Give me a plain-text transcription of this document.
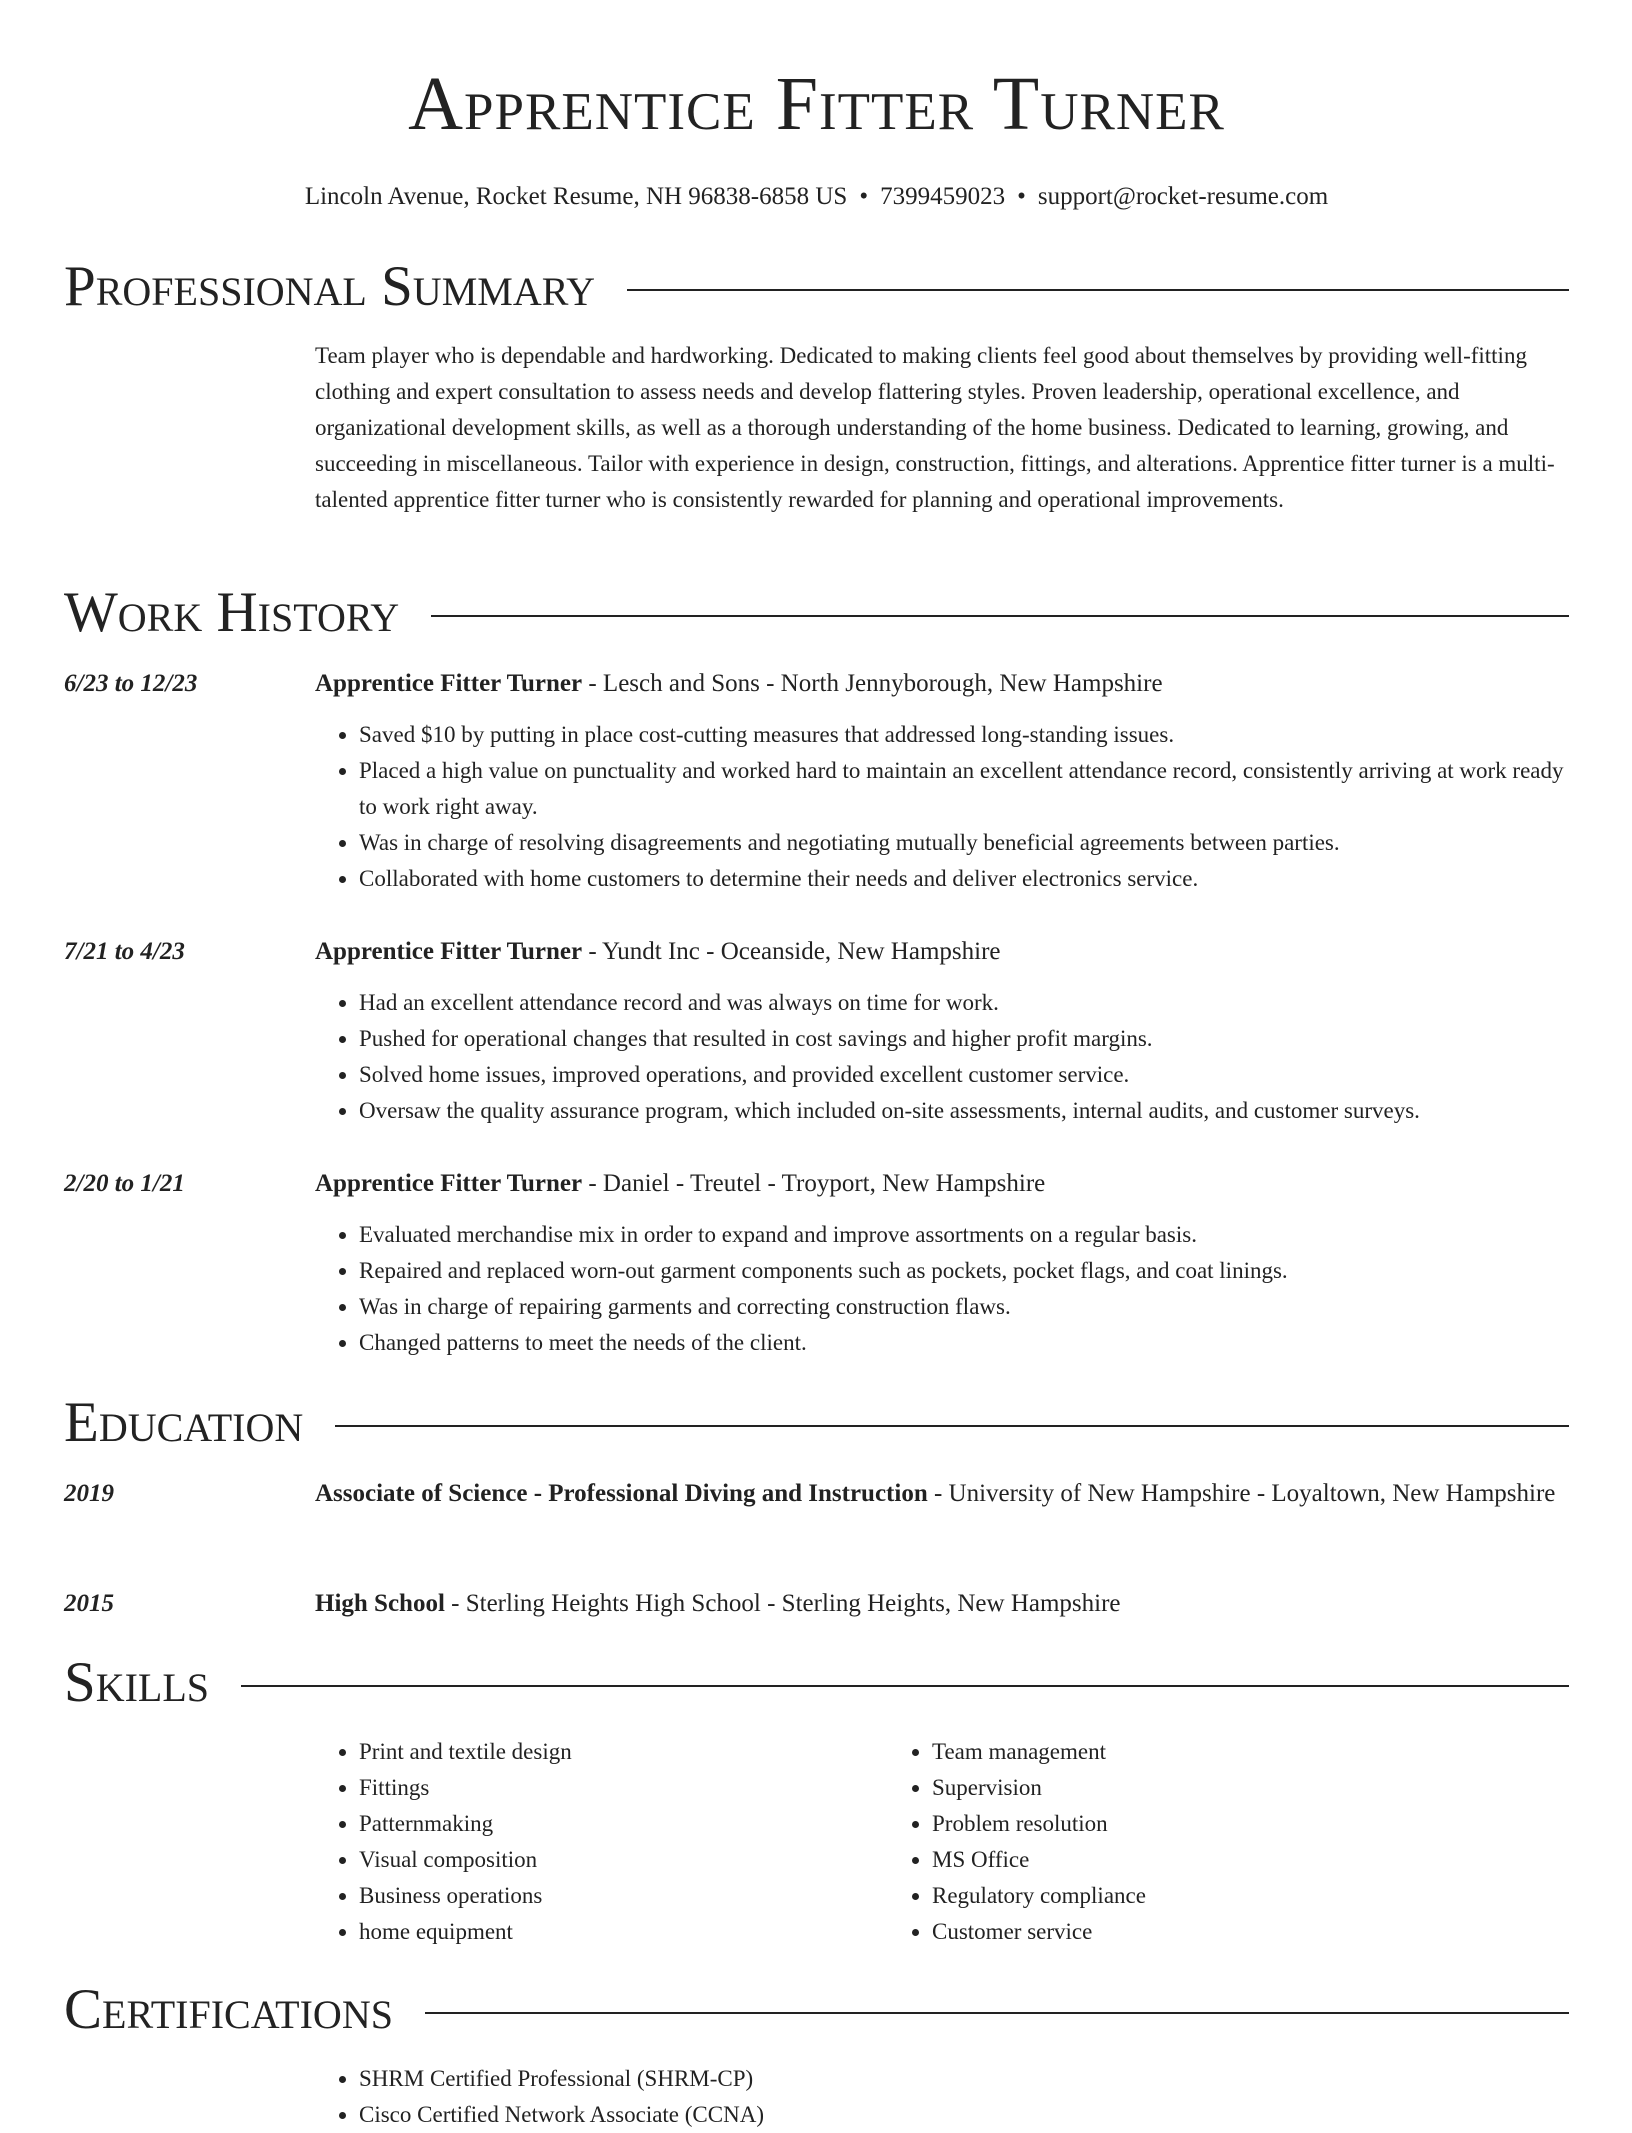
Apprentice Fitter Turner
Lincoln Avenue, Rocket Resume, NH 96838-6858 US • 7399459023 • support@rocket-resume.com
Professional Summary

Team player who is dependable and hardworking. Dedicated to making clients feel good about themselves by providing well-fitting clothing and expert consultation to assess needs and develop flattering styles. Proven leadership, operational excellence, and organizational development skills, as well as a thorough understanding of the home business. Dedicated to learning, growing, and succeeding in miscellaneous. Tailor with experience in design, construction, fittings, and alterations. Apprentice fitter turner is a multi-talented apprentice fitter turner who is consistently rewarded for planning and operational improvements.

Work History
6/23 to 12/23	Apprentice Fitter Turner - Lesch and Sons - North Jennyborough, New Hampshire
• Saved $10 by putting in place cost-cutting measures that addressed long-standing issues.
• Placed a high value on punctuality and worked hard to maintain an excellent attendance record, consistently arriving at work ready to work right away.
• Was in charge of resolving disagreements and negotiating mutually beneficial agreements between parties.
• Collaborated with home customers to determine their needs and deliver electronics service.
7/21 to 4/23	Apprentice Fitter Turner - Yundt Inc - Oceanside, New Hampshire
• Had an excellent attendance record and was always on time for work.
• Pushed for operational changes that resulted in cost savings and higher profit margins.
• Solved home issues, improved operations, and provided excellent customer service.
• Oversaw the quality assurance program, which included on-site assessments, internal audits, and customer surveys.
2/20 to 1/21	Apprentice Fitter Turner - Daniel - Treutel - Troyport, New Hampshire
• Evaluated merchandise mix in order to expand and improve assortments on a regular basis.
• Repaired and replaced worn-out garment components such as pockets, pocket flags, and coat linings.
• Was in charge of repairing garments and correcting construction flaws.
• Changed patterns to meet the needs of the client.
Education
2019	Associate of Science - Professional Diving and Instruction - University of New Hampshire - Loyaltown, New Hampshire
2015	High School - Sterling Heights High School - Sterling Heights, New Hampshire
Skills
• Print and textile design
• Fittings
• Patternmaking
• Visual composition
• Business operations
• home equipment
• Team management
• Supervision
• Problem resolution
• MS Office
• Regulatory compliance
• Customer service
Certifications
• SHRM Certified Professional (SHRM-CP)
• Cisco Certified Network Associate (CCNA)
